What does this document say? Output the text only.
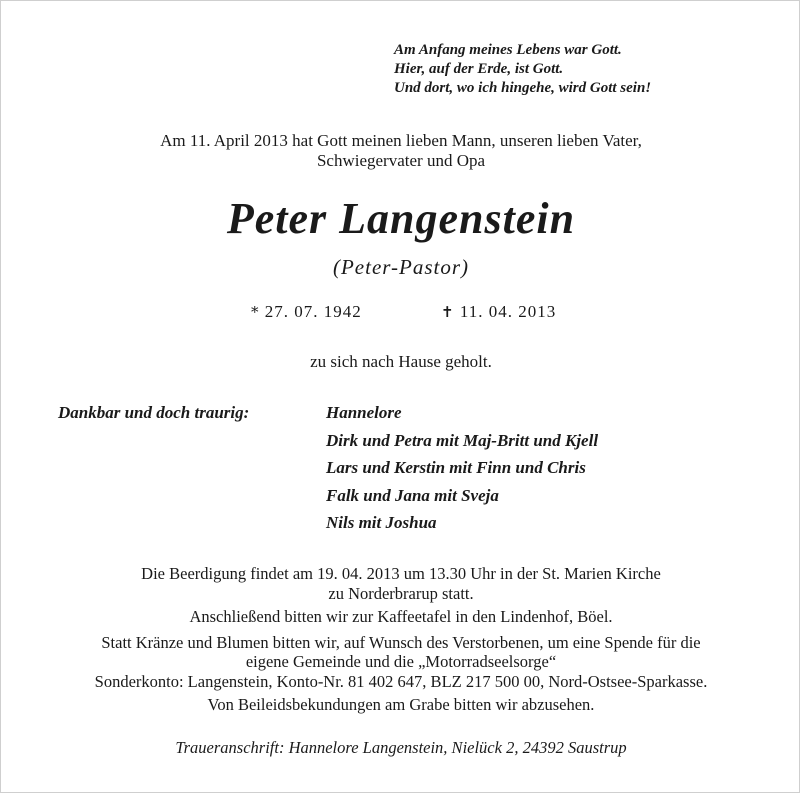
Am Anfang meines Lebens war Gott.
Hier, auf der Erde, ist Gott.
Und dort, wo ich hingehe, wird Gott sein!
Am 11. April 2013 hat Gott meinen lieben Mann, unseren lieben Vater,
Schwiegervater und Opa
Peter Langenstein
(Peter-Pastor)
* 27. 07. 1942	✝ 11. 04. 2013
zu sich nach Hause geholt.
Dankbar und doch traurig:	Hannelore
Dirk und Petra mit Maj-Britt und Kjell
Lars und Kerstin mit Finn und Chris
Falk und Jana mit Sveja
Nils mit Joshua

Die Beerdigung findet am 19. 04. 2013 um 13.30 Uhr in der St. Marien Kirche
zu Norderbrarup statt.

Anschließend bitten wir zur Kaffeetafel in den Lindenhof, Böel.

Statt Kränze und Blumen bitten wir, auf Wunsch des Verstorbenen, um eine Spende für die
eigene Gemeinde und die „Motorradseelsorge“
Sonderkonto: Langenstein, Konto-Nr. 81 402 647, BLZ 217 500 00, Nord-Ostsee-Sparkasse.

Von Beileidsbekundungen am Grabe bitten wir abzusehen.

Traueranschrift: Hannelore Langenstein, Nielück 2, 24392 Saustrup
